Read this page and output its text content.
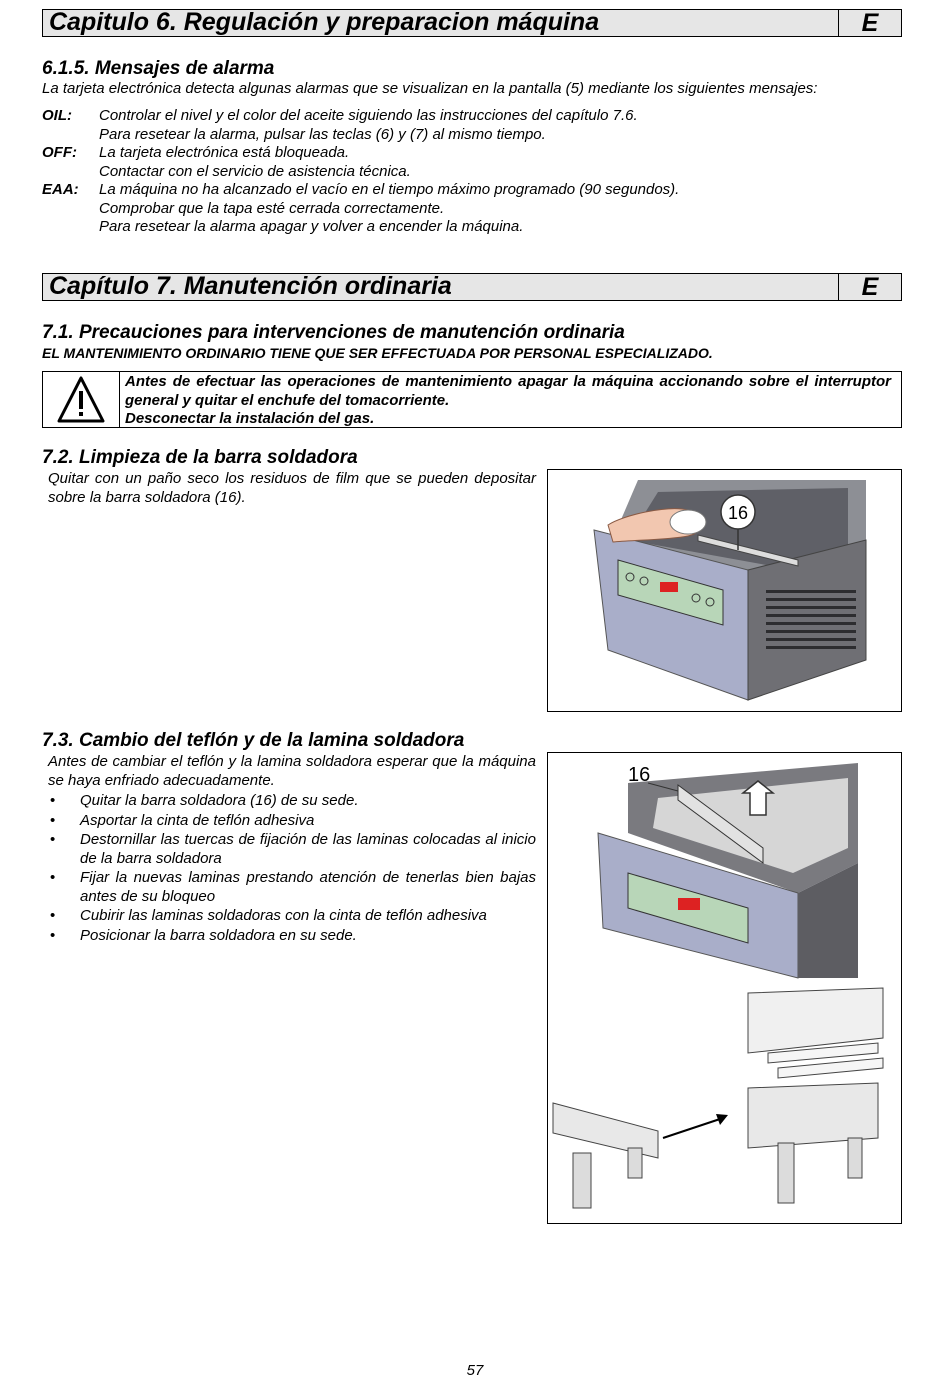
Capitulo 6. Regulación y preparacion máquina	E
6.1.5. Mensajes de alarma
La tarjeta electrónica detecta algunas alarmas que se visualizan en la pantalla (5) mediante los siguientes mensajes:
OIL: Controlar el nivel y el color del aceite siguiendo las instrucciones del capítulo 7.6.
Para resetear la alarma, pulsar las teclas (6) y (7) al mismo tiempo.
OFF: La tarjeta electrónica está bloqueada.
Contactar con el servicio de asistencia técnica.
EAA: La máquina no ha alcanzado el vacío en el tiempo máximo programado (90 segundos).
Comprobar que la tapa esté cerrada correctamente.
Para resetear la alarma apagar y volver a encender la máquina.
Capítulo 7. Manutención ordinaria	E
7.1. Precauciones para intervenciones de manutención ordinaria
EL MANTENIMIENTO ORDINARIO TIENE QUE SER EFFECTUADA POR PERSONAL ESPECIALIZADO.
Antes de efectuar las operaciones de mantenimiento apagar la máquina accionando sobre el interruptor general y quitar el enchufe del tomacorriente.
Desconectar la instalación del gas.
7.2. Limpieza de la barra soldadora
Quitar con un paño seco los residuos de film que se pueden depositar sobre la barra soldadora (16).
16
7.3. Cambio del teflón y de la lamina soldadora
Antes de cambiar el teflón y la lamina soldadora esperar que la máquina se haya enfriado adecuadamente.
• Quitar la barra soldadora (16) de su sede.
• Asportar la cinta de teflón adhesiva
• Destornillar las tuercas de fijación de las laminas colocadas al inicio de la barra soldadora
• Fijar la nuevas laminas prestando atención de tenerlas bien bajas antes de su bloqueo
• Cubirir las laminas soldadoras con la cinta de teflón adhesiva
• Posicionar la barra soldadora en su sede.
16
57
